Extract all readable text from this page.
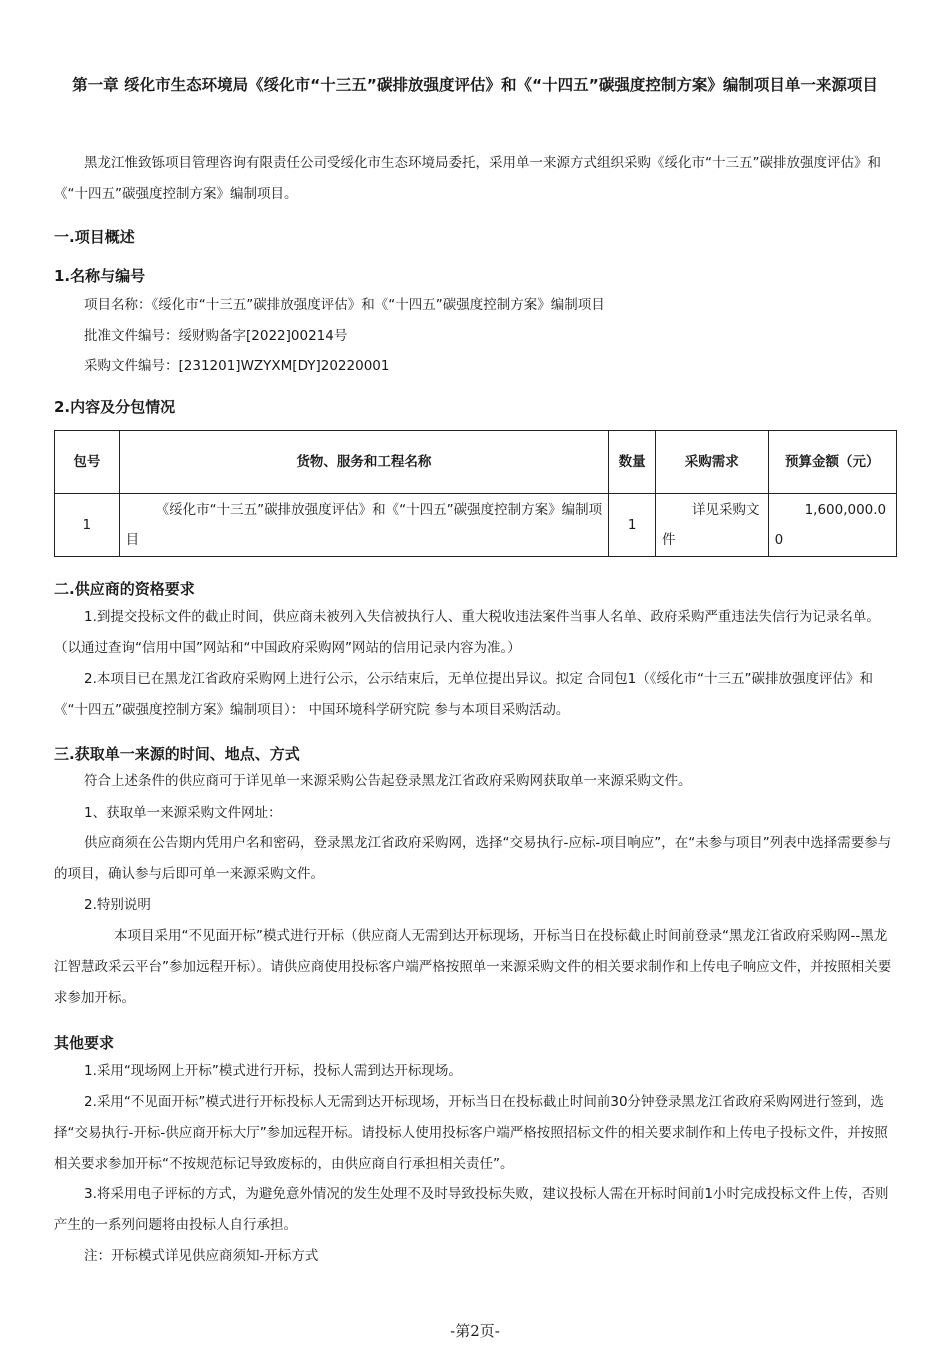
第一章 绥化市生态环境局《绥化市“十三五”碳排放强度评估》和《“十四五”碳强度控制方案》编制项目单一来源项目

黑龙江惟致铄项目管理咨询有限责任公司受绥化市生态环境局委托，采用单一来源方式组织采购《绥化市“十三五”碳排放强度评估》和《“十四五”碳强度控制方案》编制项目。

一.项目概述
1.名称与编号
项目名称：《绥化市“十三五”碳排放强度评估》和《“十四五”碳强度控制方案》编制项目
批准文件编号：绥财购备字[2022]00214号
采购文件编号：[231201]WZYXM[DY]20220001
2.内容及分包情况
包号	货物、服务和工程名称	数量	采购需求	预算金额（元）
1	《绥化市“十三五”碳排放强度评估》和《“十四五”碳强度控制方案》编制项目	1	详见采购文件	1,600,000.00
二.供应商的资格要求

1.到提交投标文件的截止时间，供应商未被列入失信被执行人、重大税收违法案件当事人名单、政府采购严重违法失信行为记录名单。（以通过查询“信用中国”网站和“中国政府采购网”网站的信用记录内容为准。）

2.本项目已在黑龙江省政府采购网上进行公示，公示结束后，无单位提出异议。拟定 合同包1（《绥化市“十三五”碳排放强度评估》和《“十四五”碳强度控制方案》编制项目）： 中国环境科学研究院 参与本项目采购活动。

三.获取单一来源的时间、地点、方式

符合上述条件的供应商可于详见单一来源采购公告起登录黑龙江省政府采购网获取单一来源采购文件。

1、获取单一来源采购文件网址：

供应商须在公告期内凭用户名和密码，登录黑龙江省政府采购网，选择“交易执行-应标-项目响应”，在“未参与项目”列表中选择需要参与的项目，确认参与后即可单一来源采购文件。

2.特别说明

本项目采用“不见面开标”模式进行开标（供应商人无需到达开标现场，开标当日在投标截止时间前登录“黑龙江省政府采购网--黑龙江智慧政采云平台”参加远程开标）。请供应商使用投标客户端严格按照单一来源采购文件的相关要求制作和上传电子响应文件，并按照相关要求参加开标。

其他要求

1.采用“现场网上开标”模式进行开标，投标人需到达开标现场。

2.采用“不见面开标”模式进行开标投标人无需到达开标现场，开标当日在投标截止时间前30分钟登录黑龙江省政府采购网进行签到，选择“交易执行-开标-供应商开标大厅”参加远程开标。请投标人使用投标客户端严格按照招标文件的相关要求制作和上传电子投标文件，并按照相关要求参加开标“不按规范标记导致废标的，由供应商自行承担相关责任”。

3.将采用电子评标的方式，为避免意外情况的发生处理不及时导致投标失败，建议投标人需在开标时间前1小时完成投标文件上传，否则产生的一系列问题将由投标人自行承担。

注：开标模式详见供应商须知-开标方式

-第2页-
